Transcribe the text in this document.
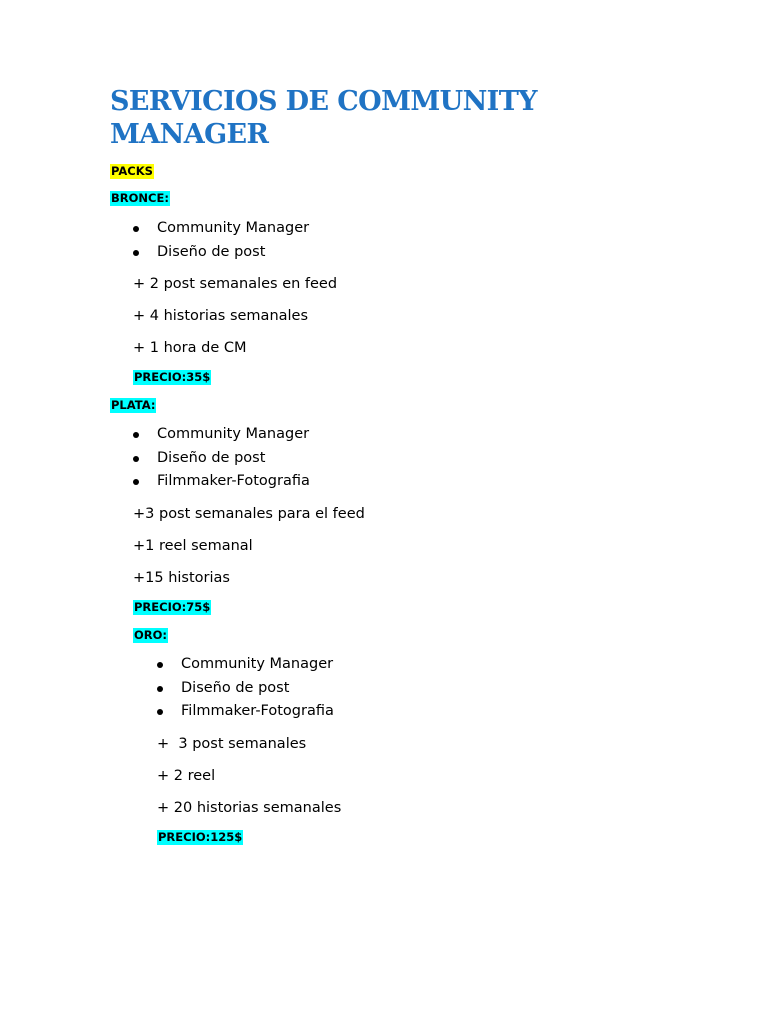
SERVICIOS DE COMMUNITY MANAGER
PACKS
BRONCE:
Community Manager
Diseño de post
+ 2 post semanales en feed
+ 4 historias semanales
+ 1 hora de CM
PRECIO:35$
PLATA:
Community Manager
Diseño de post
Filmmaker-Fotografia
+3 post semanales para el feed
+1 reel semanal
+15 historias
PRECIO:75$
ORO:
Community Manager
Diseño de post
Filmmaker-Fotografia
+  3 post semanales
+ 2 reel
+ 20 historias semanales
PRECIO:125$
